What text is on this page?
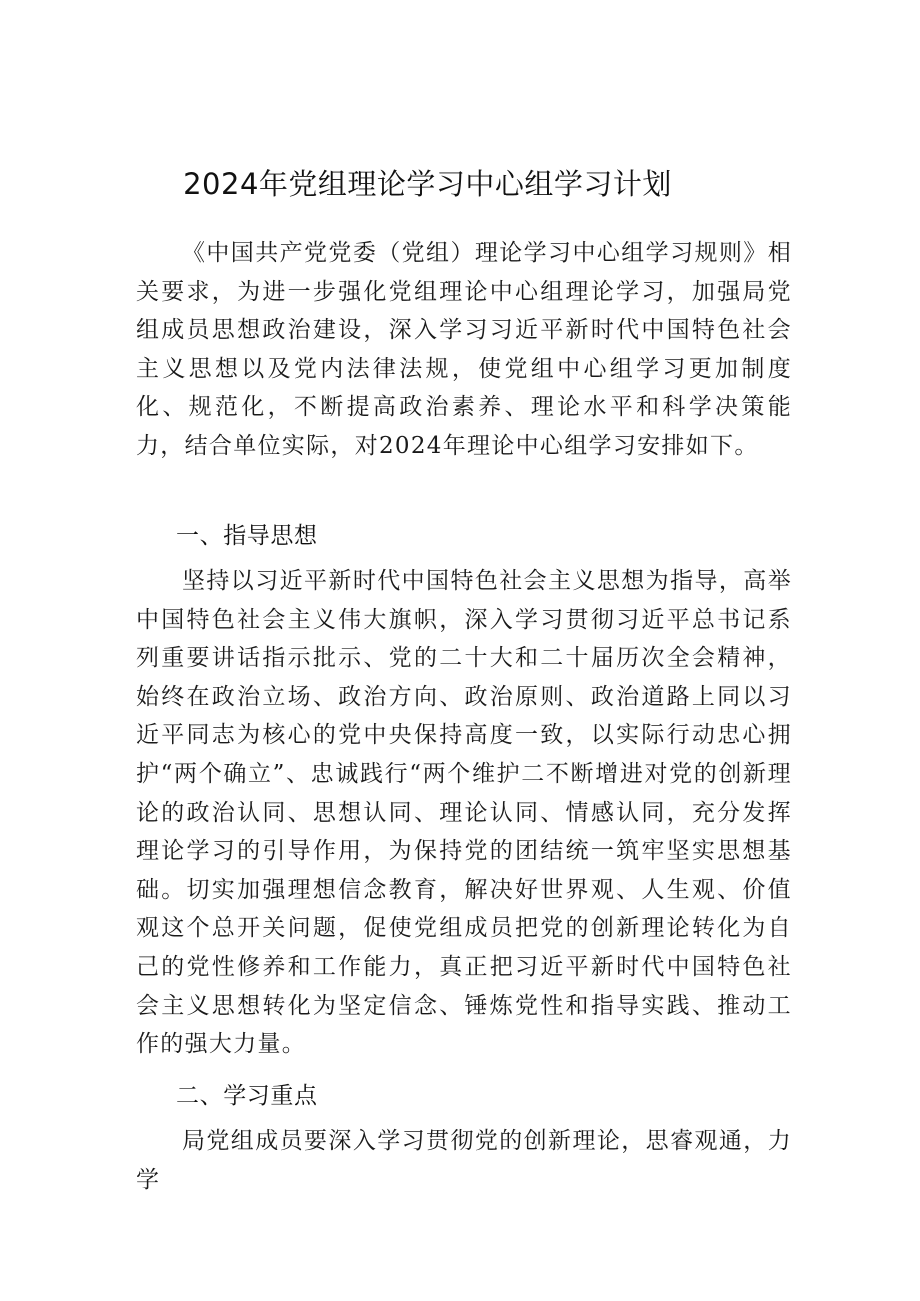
2024年党组理论学习中心组学习计划

《中国共产党党委（党组）理论学习中心组学习规则》相关要求，为进一步强化党组理论中心组理论学习，加强局党组成员思想政治建设，深入学习习近平新时代中国特色社会主义思想以及党内法律法规，使党组中心组学习更加制度化、规范化，不断提高政治素养、理论水平和科学决策能力，结合单位实际，对2024年理论中心组学习安排如下。

一、指导思想

坚持以习近平新时代中国特色社会主义思想为指导，高举中国特色社会主义伟大旗帜，深入学习贯彻习近平总书记系列重要讲话指示批示、党的二十大和二十届历次全会精神，始终在政治立场、政治方向、政治原则、政治道路上同以习近平同志为核心的党中央保持高度一致，以实际行动忠心拥护“两个确立”、忠诚践行“两个维护二不断增进对党的创新理论的政治认同、思想认同、理论认同、情感认同，充分发挥理论学习的引导作用，为保持党的团结统一筑牢坚实思想基础。切实加强理想信念教育，解决好世界观、人生观、价值观这个总开关问题，促使党组成员把党的创新理论转化为自己的党性修养和工作能力，真正把习近平新时代中国特色社会主义思想转化为坚定信念、锤炼党性和指导实践、推动工作的强大力量。

二、学习重点

局党组成员要深入学习贯彻党的创新理论，思睿观通，力学
